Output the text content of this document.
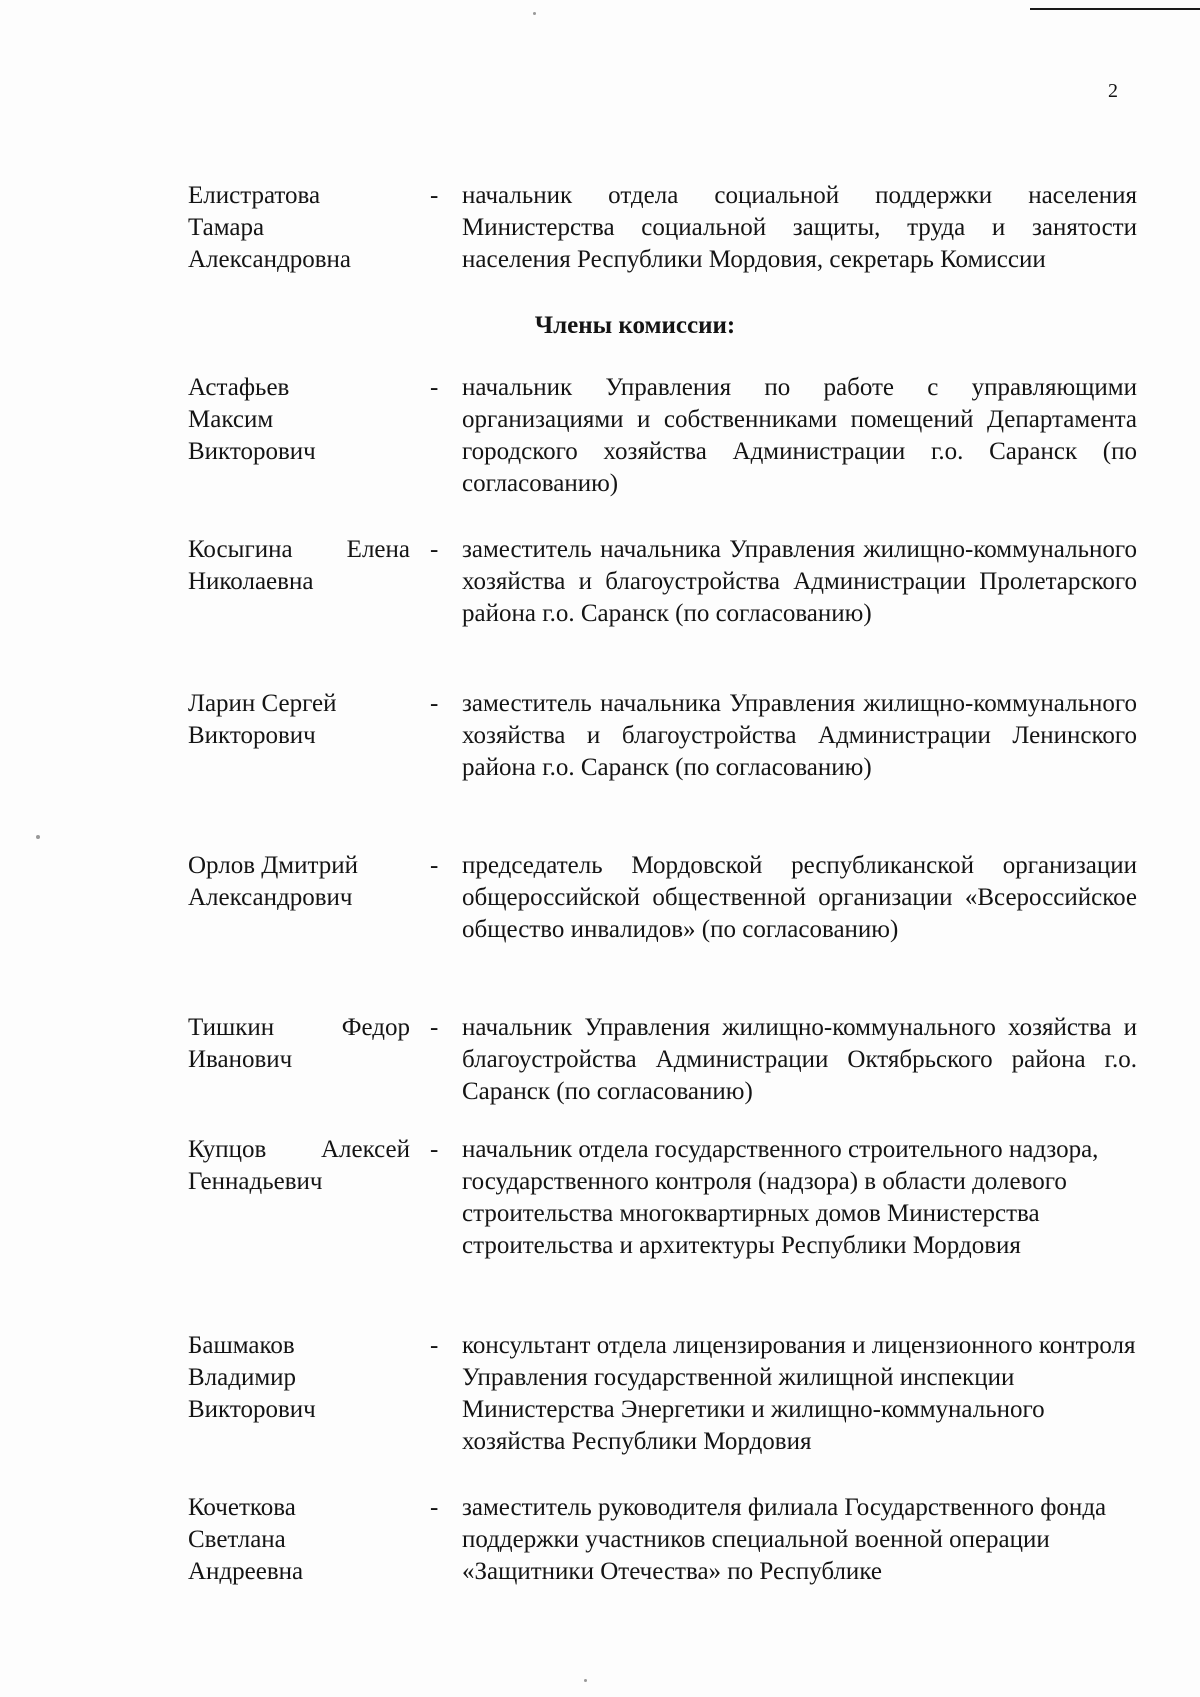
2
Елистратова
Тамара
Александровна
- начальник отдела социальной поддержки населения Министерства социальной защиты, труда и занятости населения Республики Мордовия, секретарь Комиссии
Члены комиссии:
Астафьев
Максим
Викторович
- начальник Управления по работе с управляющими организациями и собственниками помещений Департамента городского хозяйства Администрации г.о. Саранск (по согласованию)
Косыгина Елена Николаевна
- заместитель начальника Управления жилищно-коммунального хозяйства и благоустройства Администрации Пролетарского района г.о. Саранск (по согласованию)
Ларин Сергей
Викторович
- заместитель начальника Управления жилищно-коммунального хозяйства и благоустройства Администрации Ленинского района г.о. Саранск (по согласованию)
Орлов Дмитрий
Александрович
- председатель Мордовской республиканской организации общероссийской общественной организации «Всероссийское общество инвалидов» (по согласованию)
Тишкин Федор Иванович
- начальник Управления жилищно-коммунального хозяйства и благоустройства Администрации Октябрьского района г.о. Саранск (по согласованию)
Купцов Алексей Геннадьевич
- начальник отдела государственного строительного надзора, государственного контроля (надзора) в области долевого строительства многоквартирных домов Министерства строительства и архитектуры Республики Мордовия
Башмаков
Владимир
Викторович
- консультант отдела лицензирования и лицензионного контроля Управления государственной жилищной инспекции Министерства Энергетики и жилищно-коммунального хозяйства Республики Мордовия
Кочеткова
Светлана
Андреевна
- заместитель руководителя филиала Государственного фонда поддержки участников специальной военной операции «Защитники Отечества» по Республике
